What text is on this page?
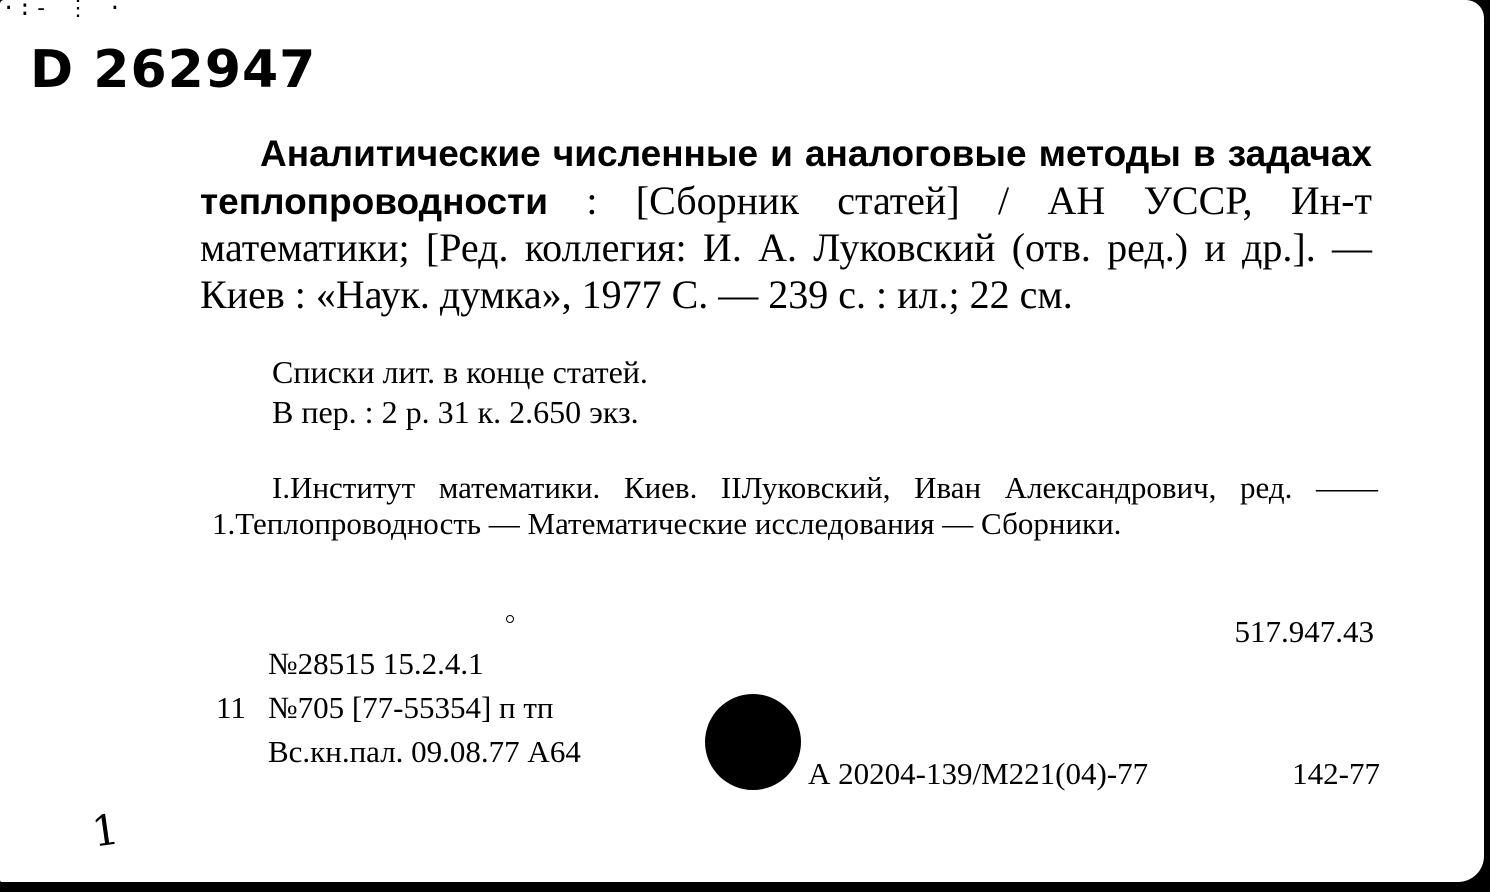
·:- ⋮ ·
D 262947
Аналитические численные и аналоговые методы в задачах теплопроводности : [Сборник статей] / АН УССР, Ин-т математики; [Ред. коллегия: И. А. Луковский (отв. ред.) и др.]. — Киев : «Наук. думка», 1977 С. — 239 с. : ил.; 22 см.
Списки лит. в конце статей.
В пер. : 2 р. 31 к. 2.650 экз.
I.Институт математики. Киев. IIЛуковский, Иван Александрович, ред. ——1.Теплопроводность — Математические исследования — Сборники.
517.947.43
№28515 15.2.4.1
11 №705 [77-55354] п тп
Вс.кн.пал. 09.08.77 А64
А 20204-139/М221(04)-77	142-77
1
